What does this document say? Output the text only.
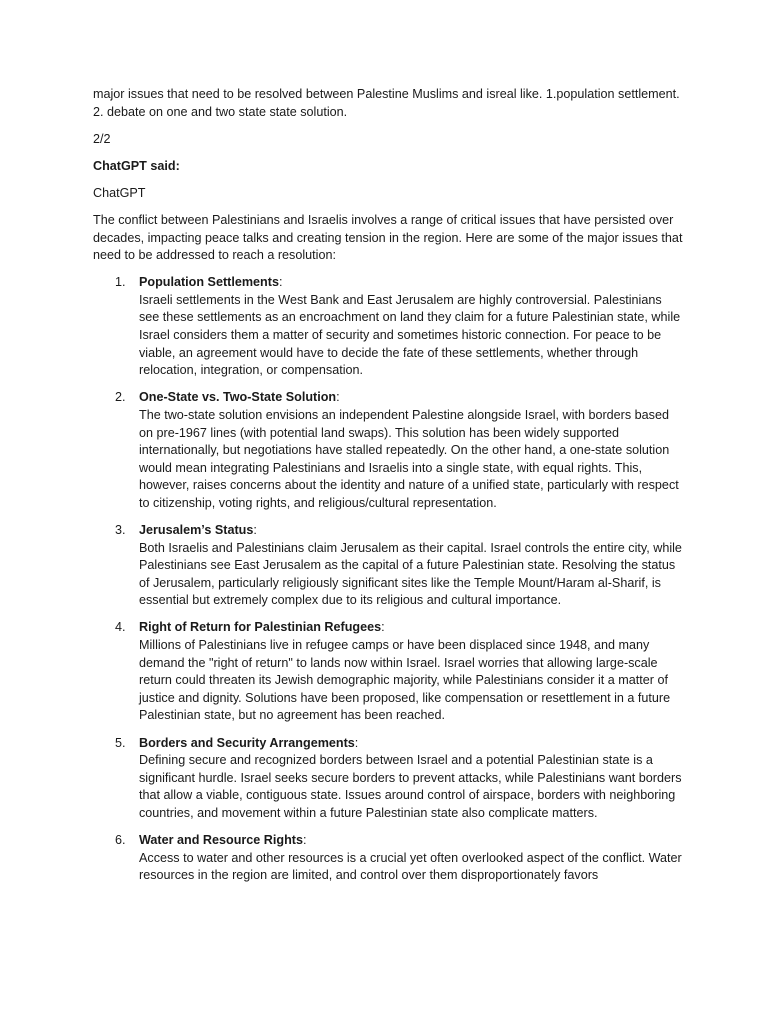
major issues that need to be resolved between Palestine Muslims and isreal like. 1.population settlement. 2. debate on one and two state state solution.

2/2

ChatGPT said:

ChatGPT

The conflict between Palestinians and Israelis involves a range of critical issues that have persisted over decades, impacting peace talks and creating tension in the region. Here are some of the major issues that need to be addressed to reach a resolution:

1. Population Settlements:
Israeli settlements in the West Bank and East Jerusalem are highly controversial. Palestinians see these settlements as an encroachment on land they claim for a future Palestinian state, while Israel considers them a matter of security and sometimes historic connection. For peace to be viable, an agreement would have to decide the fate of these settlements, whether through relocation, integration, or compensation.
2. One-State vs. Two-State Solution:
The two-state solution envisions an independent Palestine alongside Israel, with borders based on pre-1967 lines (with potential land swaps). This solution has been widely supported internationally, but negotiations have stalled repeatedly. On the other hand, a one-state solution would mean integrating Palestinians and Israelis into a single state, with equal rights. This, however, raises concerns about the identity and nature of a unified state, particularly with respect to citizenship, voting rights, and religious/cultural representation.
3. Jerusalem’s Status:
Both Israelis and Palestinians claim Jerusalem as their capital. Israel controls the entire city, while Palestinians see East Jerusalem as the capital of a future Palestinian state. Resolving the status of Jerusalem, particularly religiously significant sites like the Temple Mount/Haram al-Sharif, is essential but extremely complex due to its religious and cultural importance.
4. Right of Return for Palestinian Refugees:
Millions of Palestinians live in refugee camps or have been displaced since 1948, and many demand the "right of return" to lands now within Israel. Israel worries that allowing large-scale return could threaten its Jewish demographic majority, while Palestinians consider it a matter of justice and dignity. Solutions have been proposed, like compensation or resettlement in a future Palestinian state, but no agreement has been reached.
5. Borders and Security Arrangements:
Defining secure and recognized borders between Israel and a potential Palestinian state is a significant hurdle. Israel seeks secure borders to prevent attacks, while Palestinians want borders that allow a viable, contiguous state. Issues around control of airspace, borders with neighboring countries, and movement within a future Palestinian state also complicate matters.
6. Water and Resource Rights:
Access to water and other resources is a crucial yet often overlooked aspect of the conflict. Water resources in the region are limited, and control over them disproportionately favors
